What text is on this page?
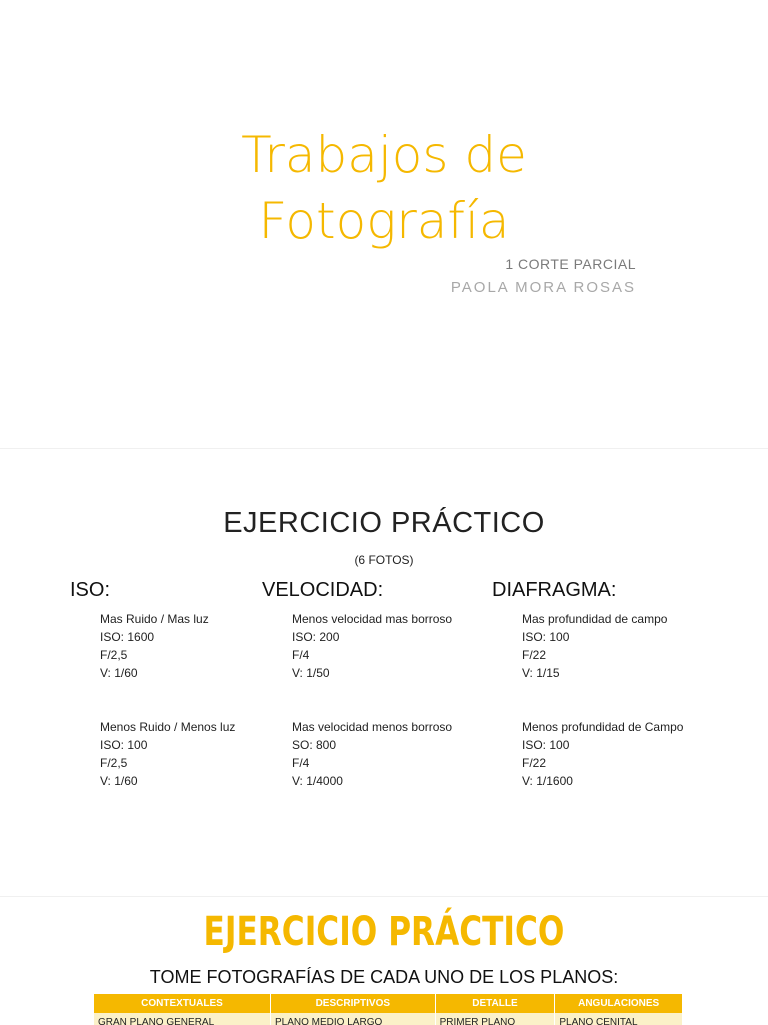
Trabajos de
Fotografía
1 CORTE PARCIAL
PAOLA MORA ROSAS
EJERCICIO PRÁCTICO
(6 FOTOS)
ISO:
Mas Ruido / Mas luz
ISO: 1600
F/2,5
V: 1/60
Menos Ruido / Menos luz
ISO: 100
F/2,5
V: 1/60
VELOCIDAD:
Menos velocidad mas borroso
ISO: 200
F/4
V: 1/50
Mas velocidad menos borroso
SO: 800
F/4
V: 1/4000
DIAFRAGMA:
Mas profundidad de campo
ISO: 100
F/22
V: 1/15
Menos profundidad de Campo
ISO: 100
F/22
V: 1/1600
EJERCICIO PRÁCTICO
TOME FOTOGRAFÍAS DE CADA UNO DE LOS PLANOS:
CONTEXTUALES	DESCRIPTIVOS	DETALLE	ANGULACIONES
GRAN PLANO GENERAL	PLANO MEDIO LARGO	PRIMER PLANO	PLANO CENITAL
